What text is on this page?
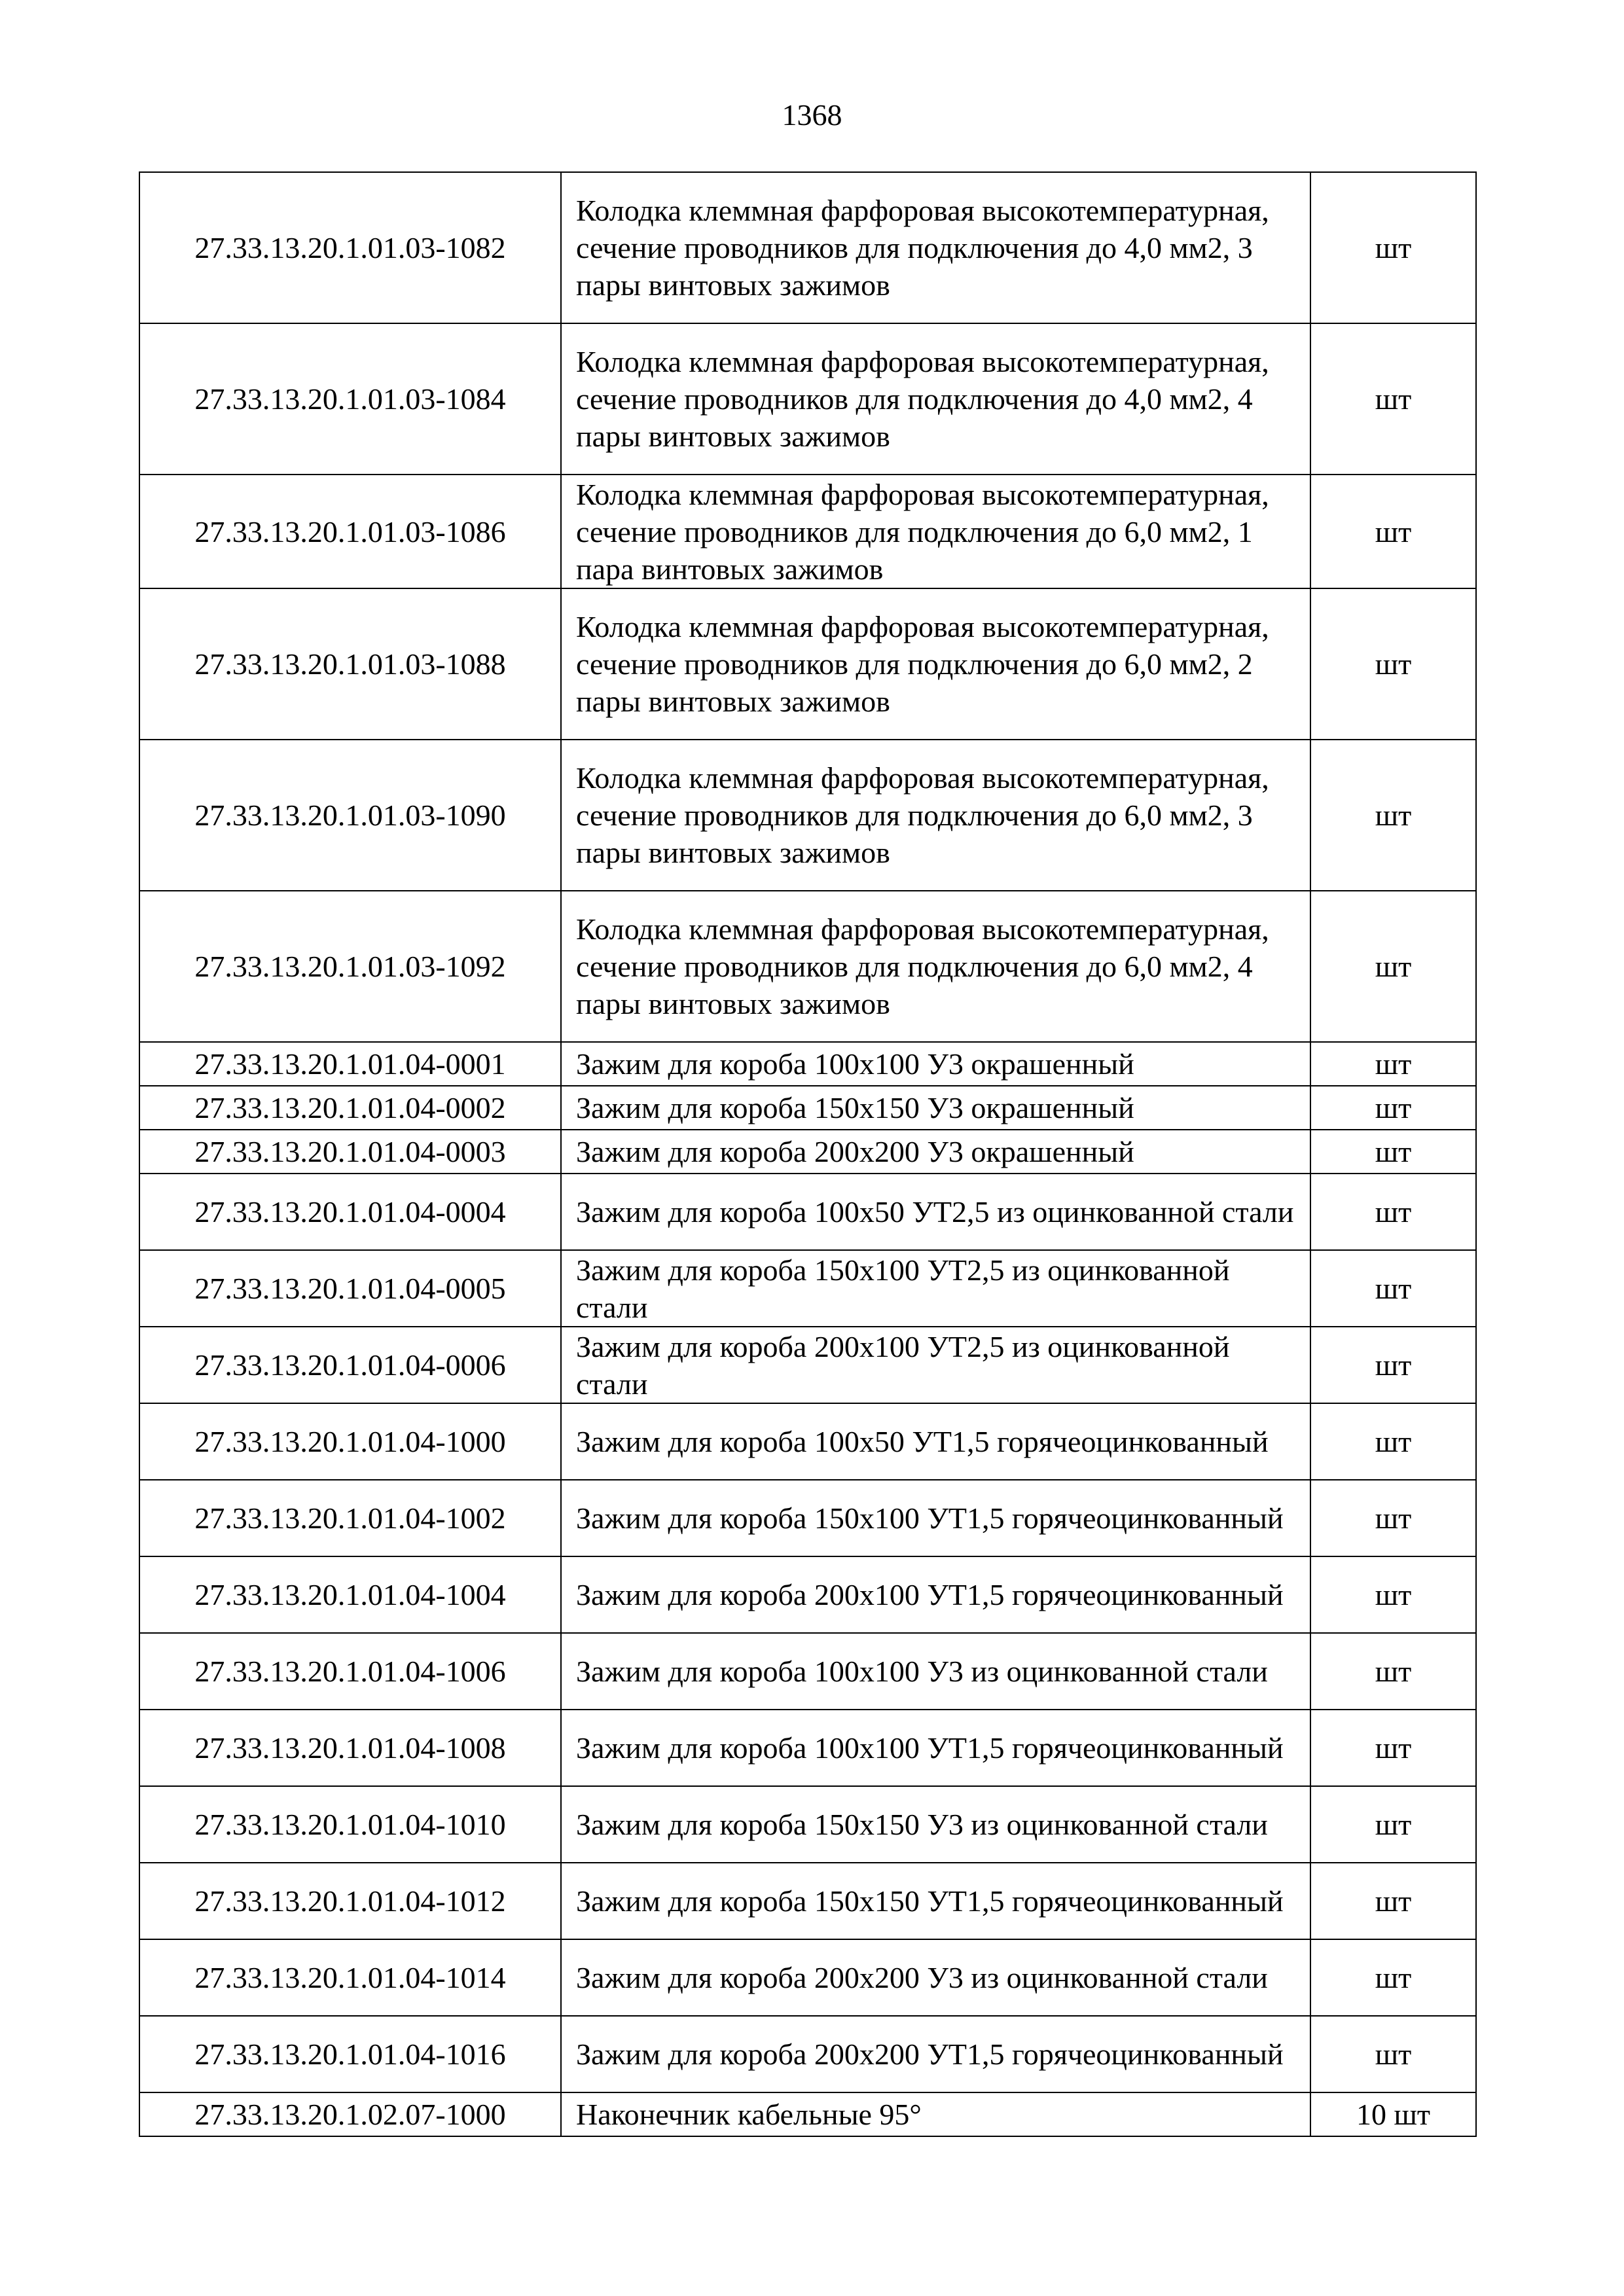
1368
27.33.13.20.1.01.03-1082	Колодка клеммная фарфоровая высокотемпературная, сечение проводников для подключения до 4,0 мм2, 3 пары винтовых зажимов	шт
27.33.13.20.1.01.03-1084	Колодка клеммная фарфоровая высокотемпературная, сечение проводников для подключения до 4,0 мм2, 4 пары винтовых зажимов	шт
27.33.13.20.1.01.03-1086	Колодка клеммная фарфоровая высокотемпературная, сечение проводников для подключения до 6,0 мм2, 1 пара винтовых зажимов	шт
27.33.13.20.1.01.03-1088	Колодка клеммная фарфоровая высокотемпературная, сечение проводников для подключения до 6,0 мм2, 2 пары винтовых зажимов	шт
27.33.13.20.1.01.03-1090	Колодка клеммная фарфоровая высокотемпературная, сечение проводников для подключения до 6,0 мм2, 3 пары винтовых зажимов	шт
27.33.13.20.1.01.03-1092	Колодка клеммная фарфоровая высокотемпературная, сечение проводников для подключения до 6,0 мм2, 4 пары винтовых зажимов	шт
27.33.13.20.1.01.04-0001	Зажим для короба 100х100 У3 окрашенный	шт
27.33.13.20.1.01.04-0002	Зажим для короба 150х150 У3 окрашенный	шт
27.33.13.20.1.01.04-0003	Зажим для короба 200х200 У3 окрашенный	шт
27.33.13.20.1.01.04-0004	Зажим для короба 100х50 УТ2,5 из оцинкованной стали	шт
27.33.13.20.1.01.04-0005	Зажим для короба 150х100 УТ2,5 из оцинкованной стали	шт
27.33.13.20.1.01.04-0006	Зажим для короба 200х100 УТ2,5 из оцинкованной стали	шт
27.33.13.20.1.01.04-1000	Зажим для короба 100х50 УТ1,5 горячеоцинкованный	шт
27.33.13.20.1.01.04-1002	Зажим для короба 150х100 УТ1,5 горячеоцинкованный	шт
27.33.13.20.1.01.04-1004	Зажим для короба 200х100 УТ1,5 горячеоцинкованный	шт
27.33.13.20.1.01.04-1006	Зажим для короба 100х100 У3 из оцинкованной стали	шт
27.33.13.20.1.01.04-1008	Зажим для короба 100х100 УТ1,5 горячеоцинкованный	шт
27.33.13.20.1.01.04-1010	Зажим для короба 150х150 У3 из оцинкованной стали	шт
27.33.13.20.1.01.04-1012	Зажим для короба 150х150 УТ1,5 горячеоцинкованный	шт
27.33.13.20.1.01.04-1014	Зажим для короба 200х200 У3 из оцинкованной стали	шт
27.33.13.20.1.01.04-1016	Зажим для короба 200х200 УТ1,5 горячеоцинкованный	шт
27.33.13.20.1.02.07-1000	Наконечник кабельные 95°	10 шт
